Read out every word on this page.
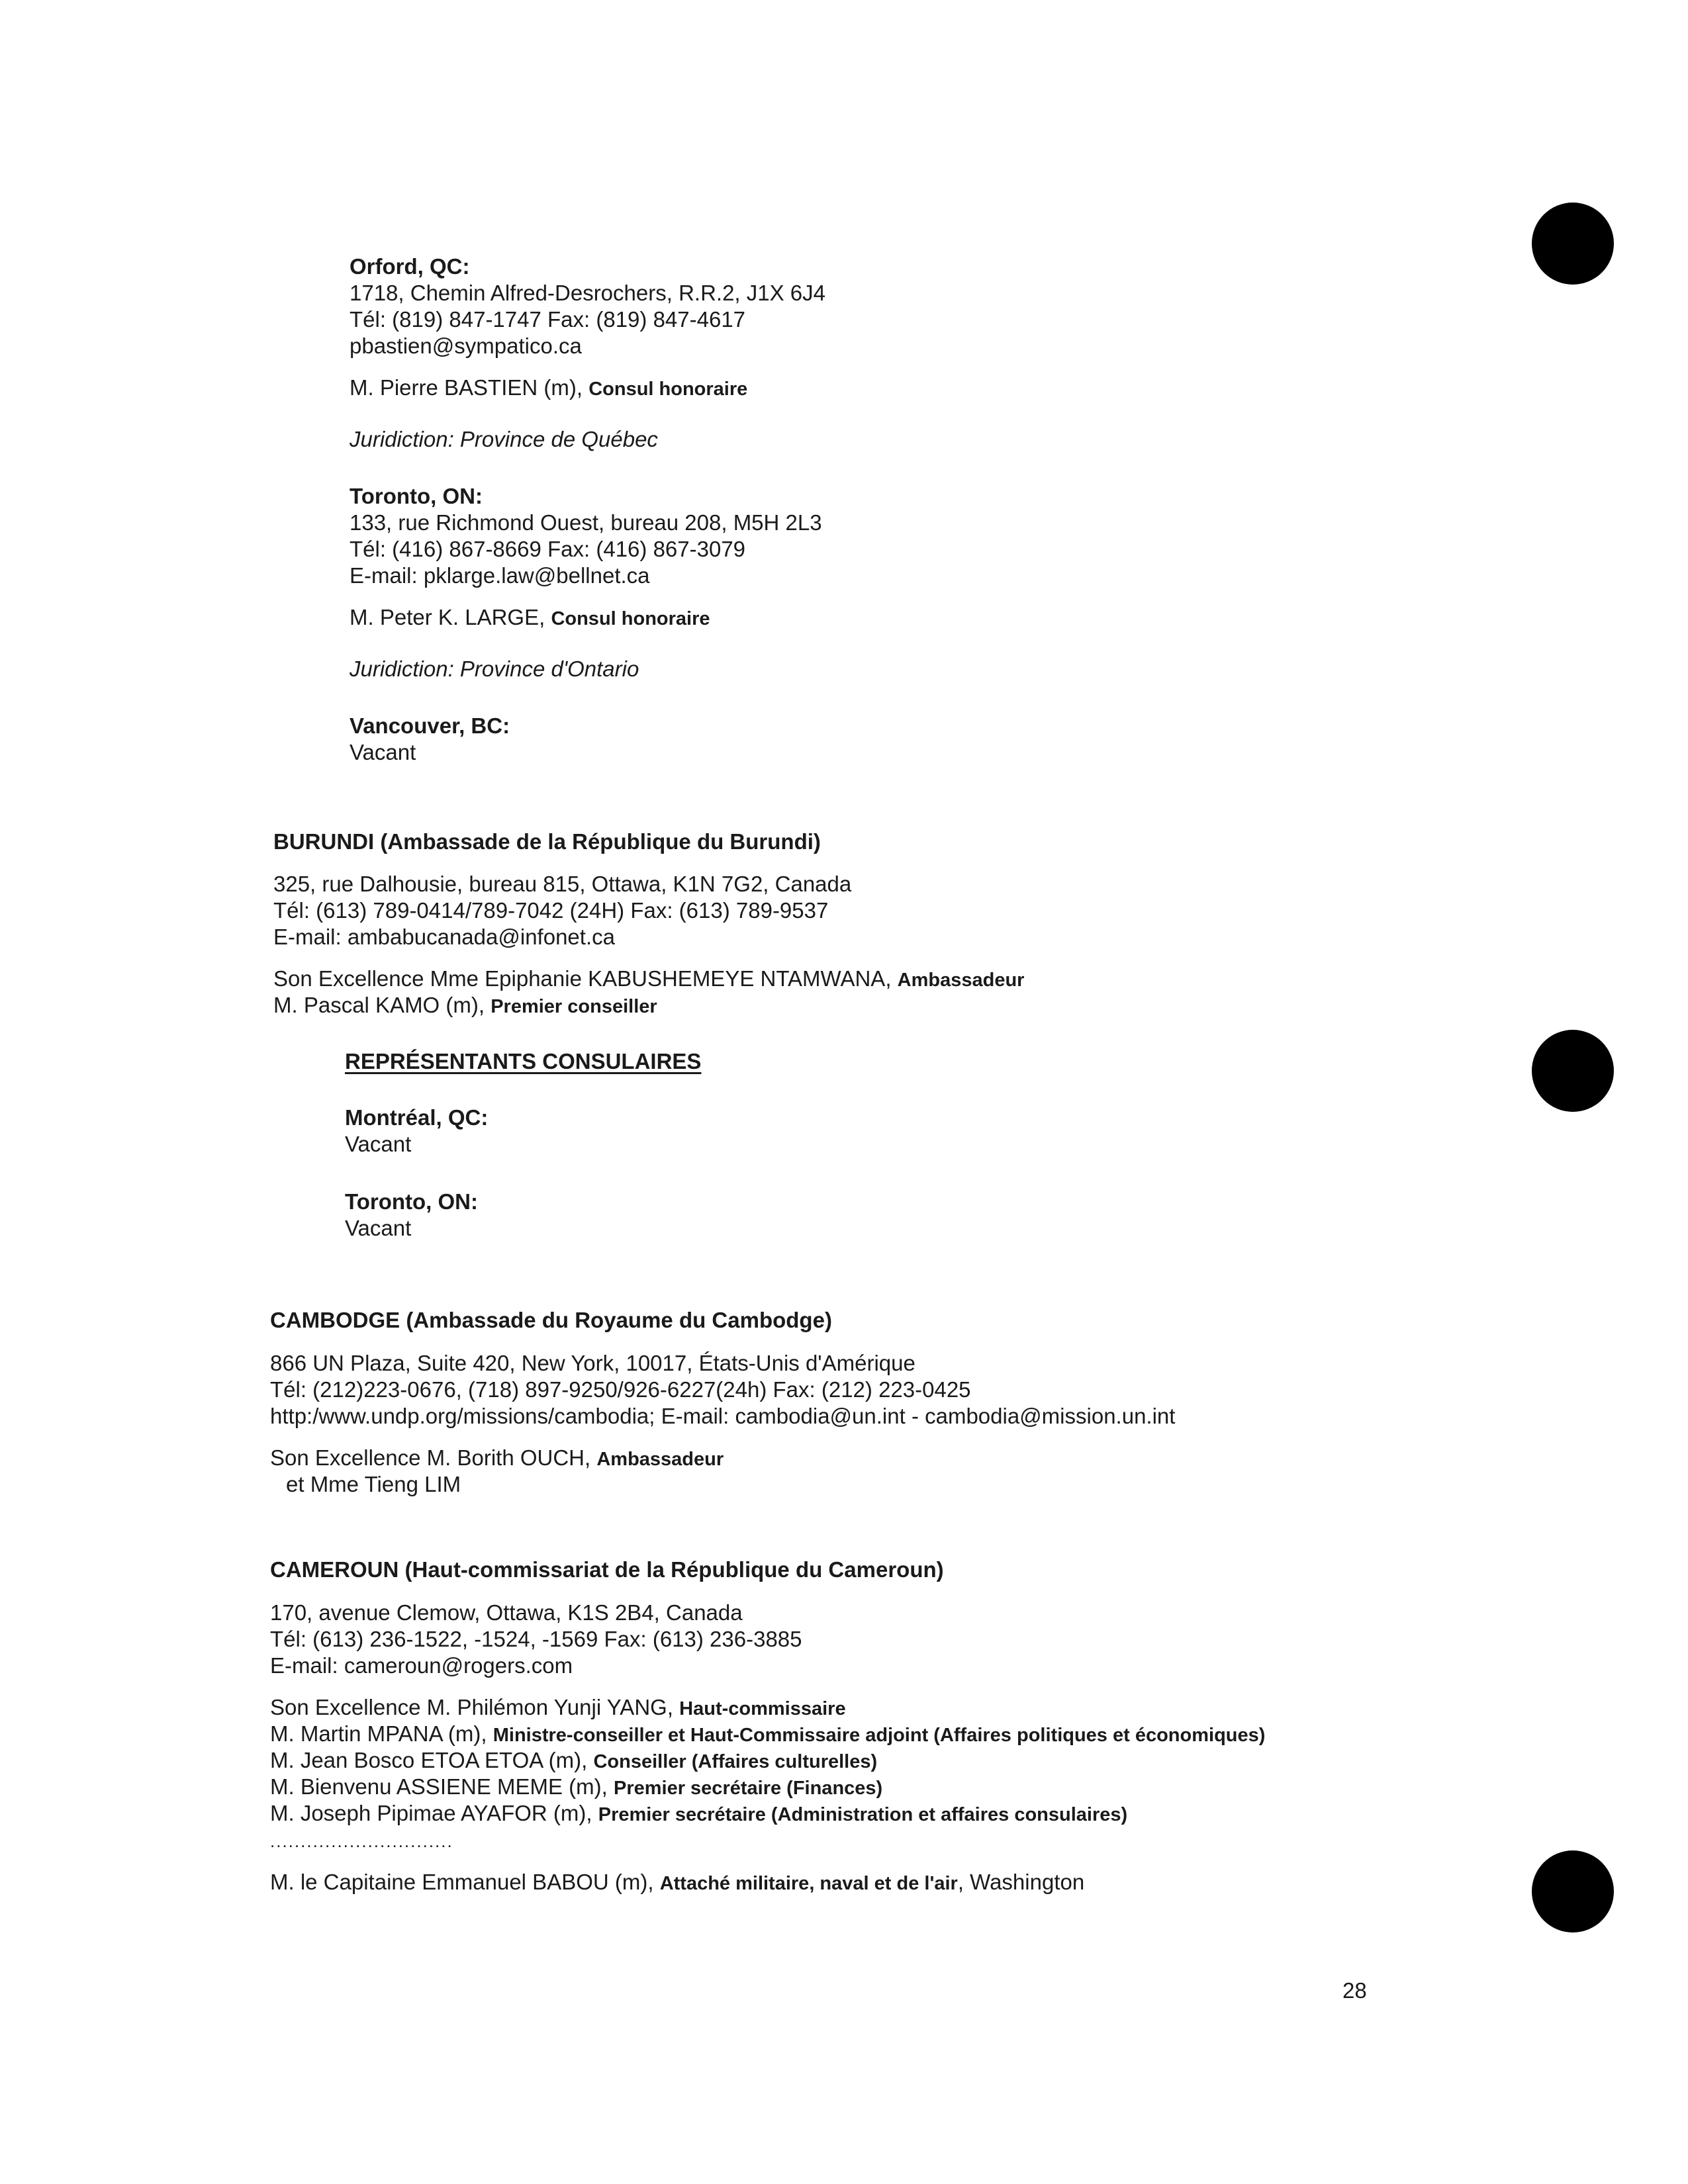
Orford, QC:
1718, Chemin Alfred-Desrochers, R.R.2, J1X 6J4
Tél: (819) 847-1747 Fax: (819) 847-4617
pbastien@sympatico.ca
M. Pierre BASTIEN (m), Consul honoraire
Juridiction: Province de Québec
Toronto, ON:
133, rue Richmond Ouest, bureau 208, M5H 2L3
Tél: (416) 867-8669 Fax: (416) 867-3079
E-mail: pklarge.law@bellnet.ca
M. Peter K. LARGE, Consul honoraire
Juridiction: Province d'Ontario
Vancouver, BC:
Vacant
BURUNDI (Ambassade de la République du Burundi)
325, rue Dalhousie, bureau 815, Ottawa, K1N 7G2, Canada
Tél: (613) 789-0414/789-7042 (24H) Fax: (613) 789-9537
E-mail: ambabucanada@infonet.ca
Son Excellence Mme Epiphanie KABUSHEMEYE NTAMWANA, Ambassadeur
M. Pascal KAMO (m), Premier conseiller
REPRÉSENTANTS CONSULAIRES
Montréal, QC:
Vacant
Toronto, ON:
Vacant
CAMBODGE (Ambassade du Royaume du Cambodge)
866 UN Plaza, Suite 420, New York, 10017, États-Unis d'Amérique
Tél: (212)223-0676, (718) 897-9250/926-6227(24h) Fax: (212) 223-0425
http:/www.undp.org/missions/cambodia; E-mail: cambodia@un.int - cambodia@mission.un.int
Son Excellence M. Borith OUCH, Ambassadeur
et Mme Tieng LIM
CAMEROUN (Haut-commissariat de la République du Cameroun)
170, avenue Clemow, Ottawa, K1S 2B4, Canada
Tél: (613) 236-1522, -1524, -1569 Fax: (613) 236-3885
E-mail: cameroun@rogers.com
Son Excellence M. Philémon Yunji YANG, Haut-commissaire
M. Martin MPANA (m), Ministre-conseiller et Haut-Commissaire adjoint (Affaires politiques et économiques)
M. Jean Bosco ETOA ETOA (m), Conseiller (Affaires culturelles)
M. Bienvenu ASSIENE MEME (m), Premier secrétaire (Finances)
M. Joseph Pipimae AYAFOR (m), Premier secrétaire (Administration et affaires consulaires)
..............................
M. le Capitaine Emmanuel BABOU (m), Attaché militaire, naval et de l'air, Washington
28
